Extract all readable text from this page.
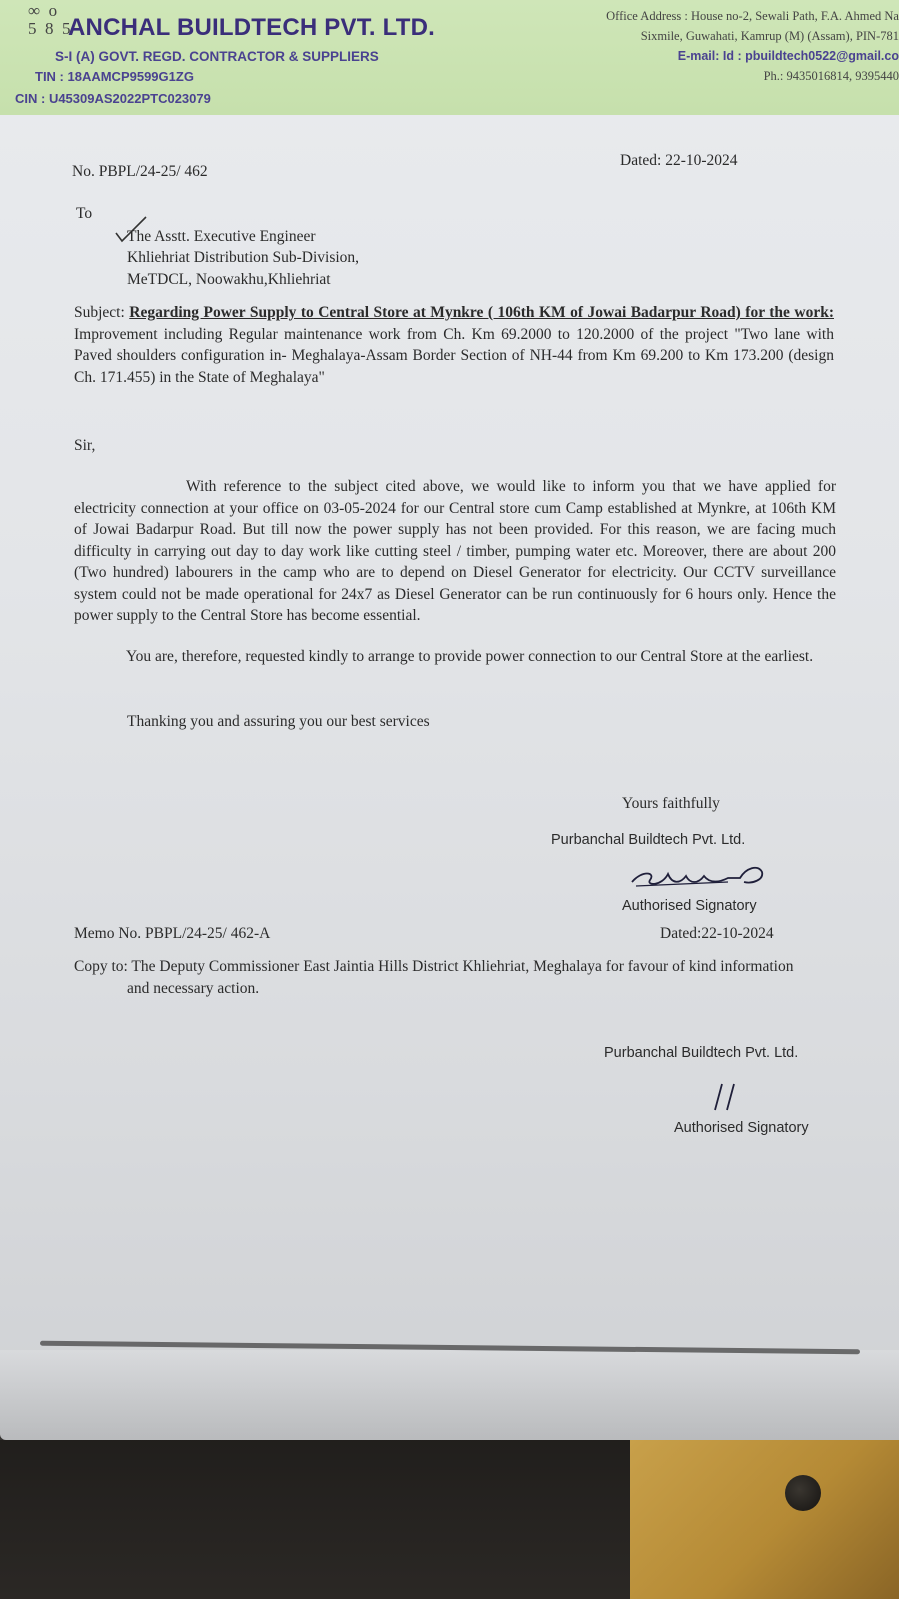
∞  o
5  8  5
ANCHAL BUILDTECH PVT. LTD.
S-I (A) GOVT. REGD. CONTRACTOR & SUPPLIERS
TIN : 18AAMCP9599G1ZG
CIN : U45309AS2022PTC023079
Office Address : House no-2, Sewali Path, F.A. Ahmed Na
Sixmile, Guwahati, Kamrup (M) (Assam), PIN-781
E-mail: Id : pbuildtech0522@gmail.co
Ph.: 9435016814, 9395440
No. PBPL/24-25/ 462
Dated: 22-10-2024
To
The Asstt. Executive Engineer
Khliehriat Distribution Sub-Division,
MeTDCL, Noowakhu,Khliehriat
Subject: Regarding Power Supply to Central Store at Mynkre ( 106th KM of Jowai Badarpur Road) for the work: Improvement including Regular maintenance work from Ch. Km 69.2000 to 120.2000 of the project "Two lane with Paved shoulders configuration in- Meghalaya-Assam Border Section of NH-44 from Km 69.200 to Km 173.200 (design Ch. 171.455) in the State of Meghalaya"
Sir,
With reference to the subject cited above, we would like to inform you that we have applied for electricity connection at your office on 03-05-2024 for our Central store cum Camp established at Mynkre, at 106th KM of Jowai Badarpur Road. But till now the power supply has not been provided. For this reason, we are facing much difficulty in carrying out day to day work like cutting steel / timber, pumping water etc. Moreover, there are about 200 (Two hundred) labourers in the camp who are to depend on Diesel Generator for electricity. Our CCTV surveillance system could not be made operational for 24x7 as Diesel Generator can be run continuously for 6 hours only. Hence the power supply to the Central Store has become essential.
You are, therefore, requested kindly to arrange to provide power connection to our Central Store at the earliest.
Thanking you and assuring you our best services
Yours faithfully
Purbanchal Buildtech Pvt. Ltd.
Authorised Signatory
Memo No. PBPL/24-25/ 462-A	Dated:22-10-2024
Copy to: The Deputy Commissioner East Jaintia Hills District Khliehriat, Meghalaya for favour of kind information
and necessary action.
Purbanchal Buildtech Pvt. Ltd.
Authorised Signatory
